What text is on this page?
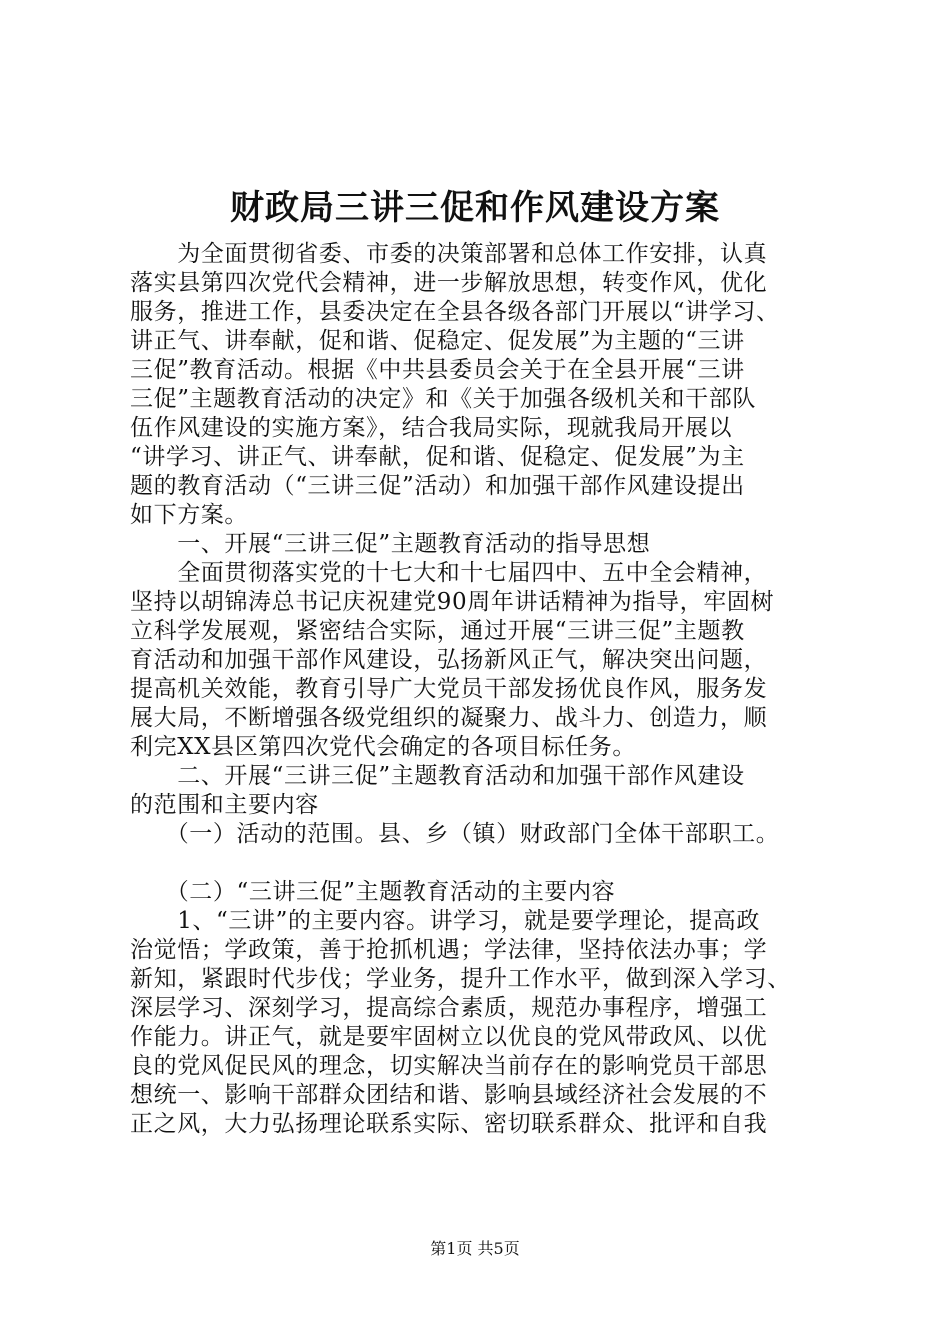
财政局三讲三促和作风建设方案
　　为全面贯彻省委、市委的决策部署和总体工作安排，认真
落实县第四次党代会精神，进一步解放思想，转变作风，优化
服务，推进工作，县委决定在全县各级各部门开展以“讲学习、
讲正气、讲奉献，促和谐、促稳定、促发展”为主题的“三讲
三促”教育活动。根据《中共县委员会关于在全县开展“三讲
三促”主题教育活动的决定》和《关于加强各级机关和干部队
伍作风建设的实施方案》，结合我局实际，现就我局开展以
“讲学习、讲正气、讲奉献，促和谐、促稳定、促发展”为主
题的教育活动（“三讲三促”活动）和加强干部作风建设提出
如下方案。
　　一、开展“三讲三促”主题教育活动的指导思想
　　全面贯彻落实党的十七大和十七届四中、五中全会精神，
坚持以胡锦涛总书记庆祝建党90周年讲话精神为指导，牢固树
立科学发展观，紧密结合实际，通过开展“三讲三促”主题教
育活动和加强干部作风建设，弘扬新风正气，解决突出问题，
提高机关效能，教育引导广大党员干部发扬优良作风，服务发
展大局，不断增强各级党组织的凝聚力、战斗力、创造力，顺
利完XX县区第四次党代会确定的各项目标任务。
　　二、开展“三讲三促”主题教育活动和加强干部作风建设
的范围和主要内容
　　（一）活动的范围。县、乡（镇）财政部门全体干部职工。
　　（二）“三讲三促”主题教育活动的主要内容
　　1、“三讲”的主要内容。讲学习，就是要学理论，提高政
治觉悟；学政策，善于抢抓机遇；学法律，坚持依法办事；学
新知，紧跟时代步伐；学业务，提升工作水平，做到深入学习、
深层学习、深刻学习，提高综合素质，规范办事程序，增强工
作能力。讲正气，就是要牢固树立以优良的党风带政风、以优
良的党风促民风的理念，切实解决当前存在的影响党员干部思
想统一、影响干部群众团结和谐、影响县域经济社会发展的不
正之风，大力弘扬理论联系实际、密切联系群众、批评和自我
第1页 共5页
